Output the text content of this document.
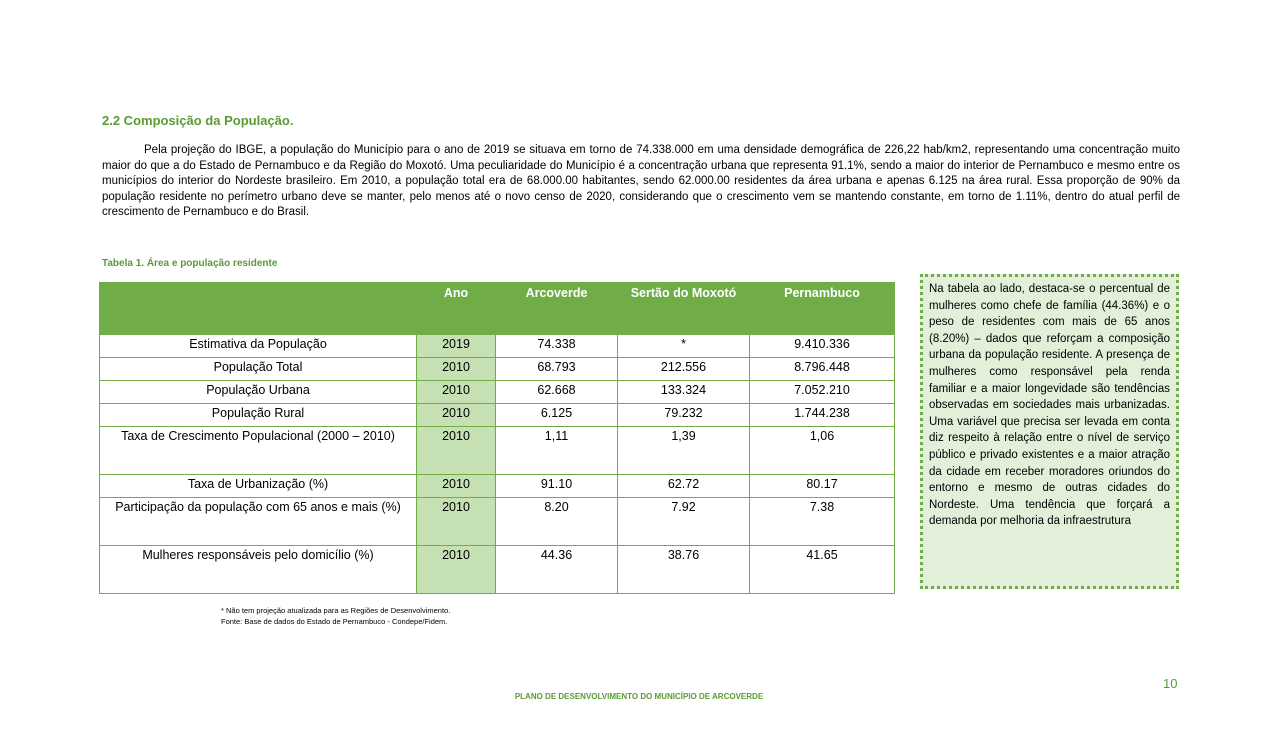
2.2 Composição da População.
Pela projeção do IBGE, a população do Município para o ano de 2019 se situava em torno de 74.338.000 em uma densidade demográfica de 226,22 hab/km2, representando uma concentração muito maior do que a do Estado de Pernambuco e da Região do Moxotó. Uma peculiaridade do Município é a concentração urbana que representa 91.1%, sendo a maior do interior de Pernambuco e mesmo entre os municípios do interior do Nordeste brasileiro. Em 2010, a população total era de 68.000.00 habitantes, sendo 62.000.00 residentes da área urbana e apenas 6.125 na área rural. Essa proporção de 90% da população residente no perímetro urbano deve se manter, pelo menos até o novo censo de 2020, considerando que o crescimento vem se mantendo constante, em torno de 1.11%, dentro do atual perfil de crescimento de Pernambuco e do Brasil.
Tabela 1. Área e população residente
	Ano	Arcoverde	Sertão do Moxotó	Pernambuco
Estimativa da População	2019	74.338	*	9.410.336
População Total	2010	68.793	212.556	8.796.448
População Urbana	2010	62.668	133.324	7.052.210
População Rural	2010	6.125	79.232	1.744.238
Taxa de Crescimento Populacional (2000 – 2010)	2010	1,11	1,39	1,06
Taxa de Urbanização (%)	2010	91.10	62.72	80.17
Participação da população com 65 anos e mais (%)	2010	8.20	7.92	7.38
Mulheres responsáveis pelo domicílio (%)	2010	44.36	38.76	41.65
* Não tem projeção atualizada para as Regiões de Desenvolvimento.
Fonte: Base de dados do Estado de Pernambuco - Condepe/Fidem.
Na tabela ao lado, destaca-se o percentual de mulheres como chefe de família (44.36%) e o peso de residentes com mais de 65 anos (8.20%) – dados que reforçam a composição urbana da população residente. A presença de mulheres como responsável pela renda familiar e a maior longevidade são tendências observadas em sociedades mais urbanizadas. Uma variável que precisa ser levada em conta diz respeito à relação entre o nível de serviço público e privado existentes e a maior atração da cidade em receber moradores oriundos do entorno e mesmo de outras cidades do Nordeste. Uma tendência que forçará a demanda por melhoria da infraestrutura
10
PLANO DE DESENVOLVIMENTO DO MUNICÍPIO DE ARCOVERDE
